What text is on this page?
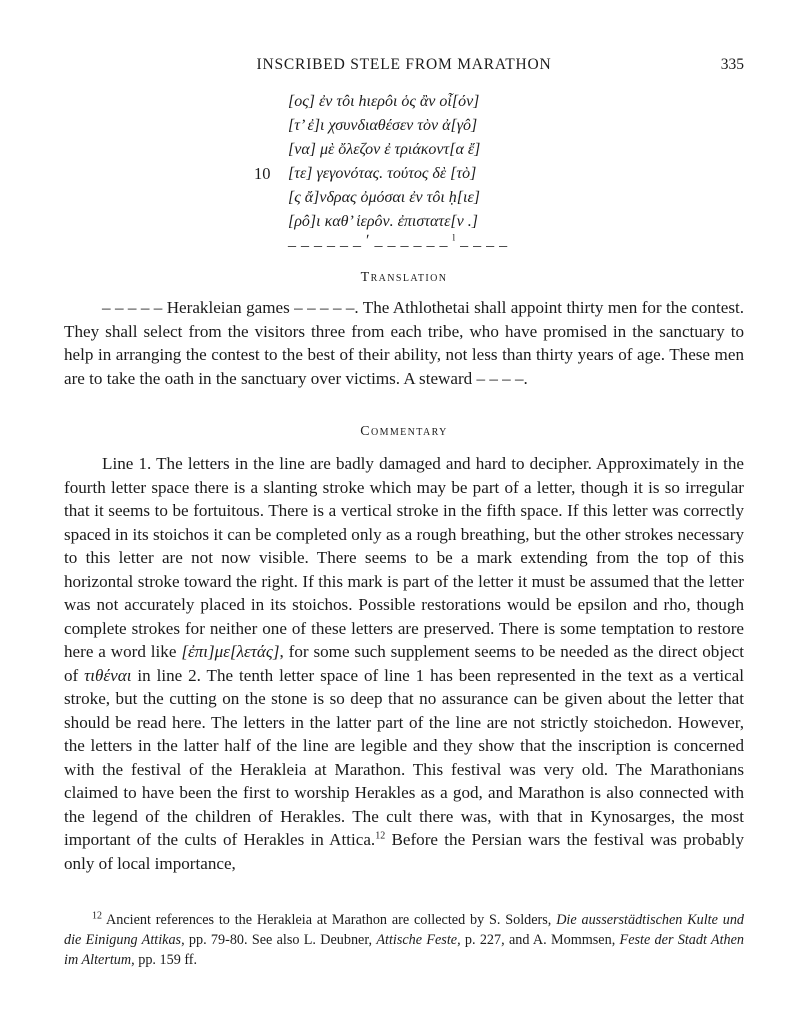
INSCRIBED STELE FROM MARATHON	335
[ος] ἐν τôι hιερôι ὁς ἂν οἶ[όν]
[τ’ ἐ]ι χσυνδιαθέσεν τὸν ἀ[γô]
[να] μὲ ὄλεζον ἐ τριάκοντ[α ἔ]
10 [τε] γεγονότας. τούτος δὲ [τὸ]
[ς ἄ]νδρας ὀμόσαι ἐν τôι ḥ[ιε]
[ρô]ι καθ’ ἱερôν. ἐπιστατε[ν .]
_ _ _ _ _ _ ʹ _ _ _ _ _ _ ˡ _ _ _ _
Translation

– – – – – Herakleian games – – – – –. The Athlothetai shall appoint thirty men for the contest. They shall select from the visitors three from each tribe, who have promised in the sanctuary to help in arranging the contest to the best of their ability, not less than thirty years of age. These men are to take the oath in the sanctuary over victims. A steward – – – –.

Commentary

Line 1. The letters in the line are badly damaged and hard to decipher. Approximately in the fourth letter space there is a slanting stroke which may be part of a letter, though it is so irregular that it seems to be fortuitous. There is a vertical stroke in the fifth space. If this letter was correctly spaced in its stoichos it can be completed only as a rough breathing, but the other strokes necessary to this letter are not now visible. There seems to be a mark extending from the top of this horizontal stroke toward the right. If this mark is part of the letter it must be assumed that the letter was not accurately placed in its stoichos. Possible restorations would be epsilon and rho, though complete strokes for neither one of these letters are preserved. There is some temptation to restore here a word like [ἐπι]με[λετάς], for some such supplement seems to be needed as the direct object of τιθέναι in line 2. The tenth letter space of line 1 has been represented in the text as a vertical stroke, but the cutting on the stone is so deep that no assurance can be given about the letter that should be read here. The letters in the latter part of the line are not strictly stoichedon. However, the letters in the latter half of the line are legible and they show that the inscription is concerned with the festival of the Herakleia at Marathon. This festival was very old. The Marathonians claimed to have been the first to worship Herakles as a god, and Marathon is also connected with the legend of the children of Herakles. The cult there was, with that in Kynosarges, the most important of the cults of Herakles in Attica.$^{12}$ Before the Persian wars the festival was probably only of local importance,

$^{12}$ Ancient references to the Herakleia at Marathon are collected by S. Solders, Die ausserstädtischen Kulte und die Einigung Attikas, pp. 79-80. See also L. Deubner, Attische Feste, p. 227, and A. Mommsen, Feste der Stadt Athen im Altertum, pp. 159 ff.
